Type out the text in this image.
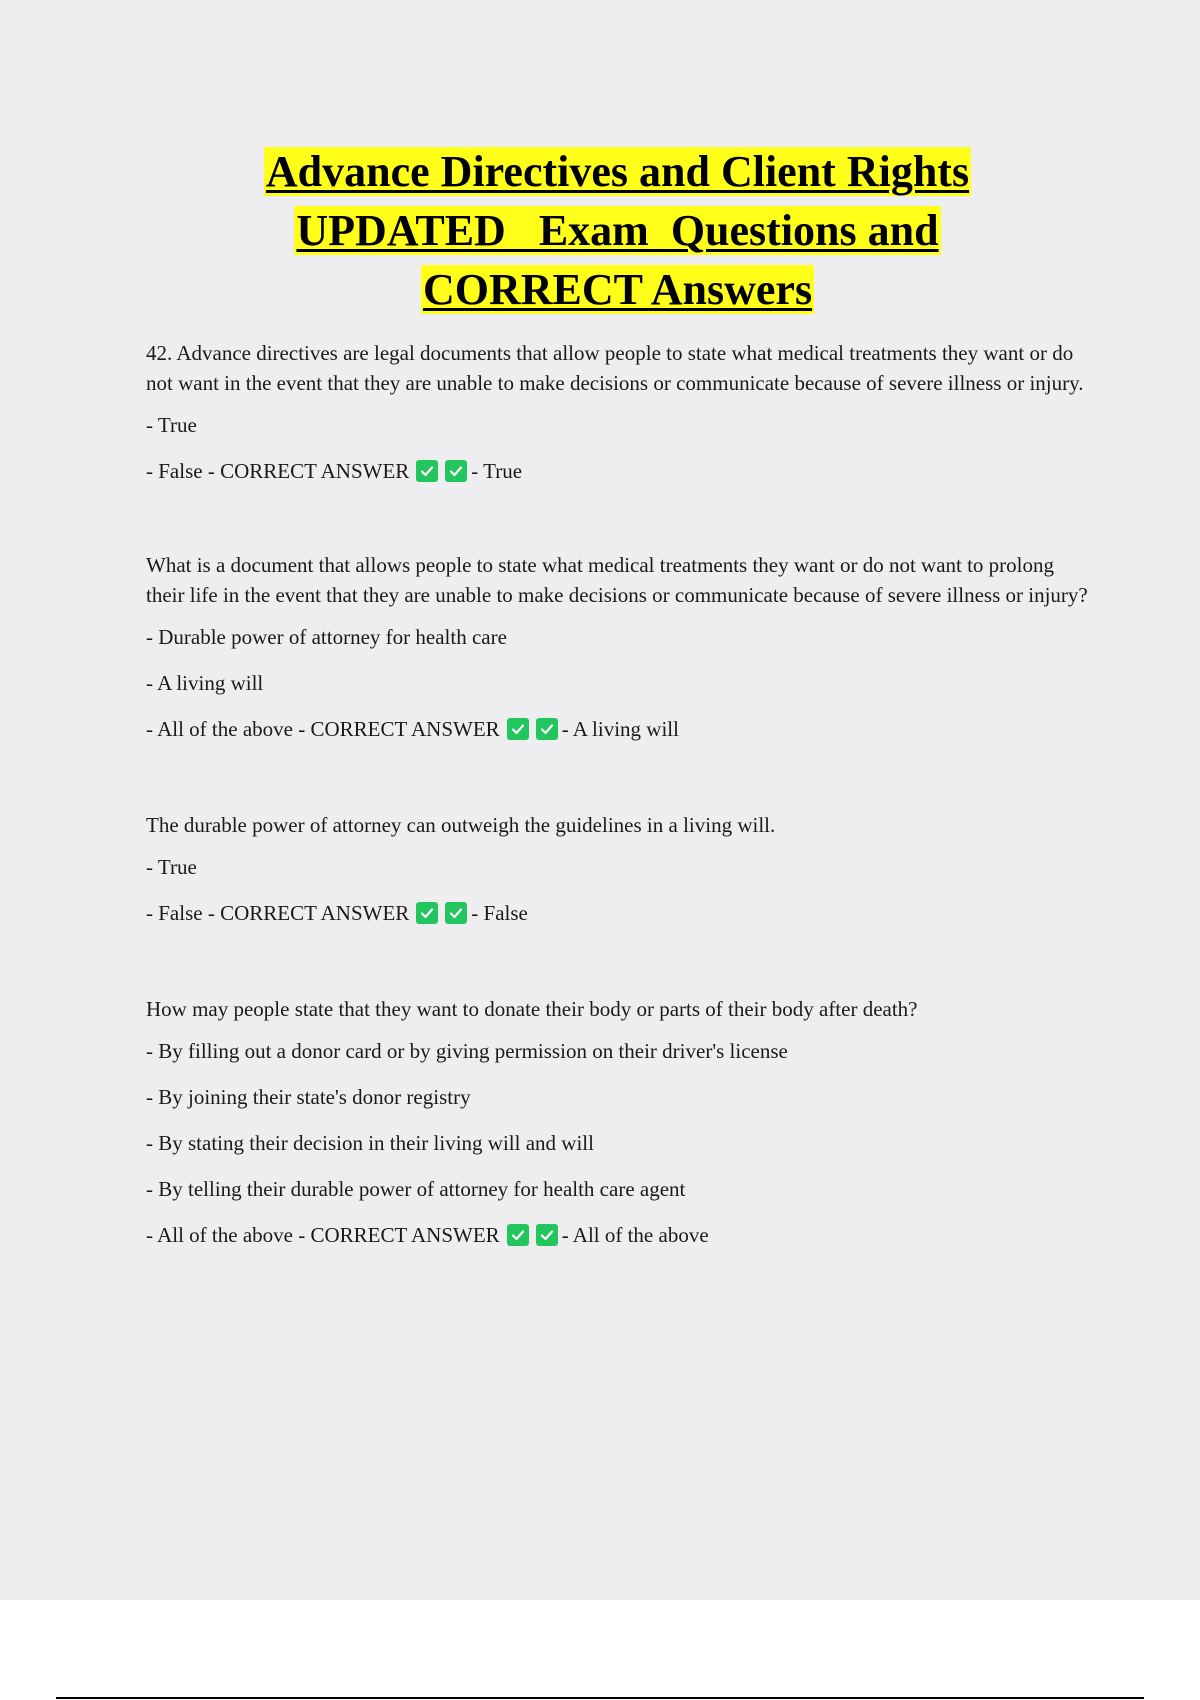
Advance Directives and Client Rights
UPDATED   Exam  Questions and
CORRECT Answers

42. Advance directives are legal documents that allow people to state what medical treatments they want or do not want in the event that they are unable to make decisions or communicate because of severe illness or injury.

- True

- False - CORRECT ANSWER	- True

What is a document that allows people to state what medical treatments they want or do not want to prolong their life in the event that they are unable to make decisions or communicate because of severe illness or injury?

- Durable power of attorney for health care

- A living will

- All of the above - CORRECT ANSWER	- A living will

The durable power of attorney can outweigh the guidelines in a living will.

- True

- False - CORRECT ANSWER	- False

How may people state that they want to donate their body or parts of their body after death?

- By filling out a donor card or by giving permission on their driver's license

- By joining their state's donor registry

- By stating their decision in their living will and will

- By telling their durable power of attorney for health care agent

- All of the above - CORRECT ANSWER	- All of the above
